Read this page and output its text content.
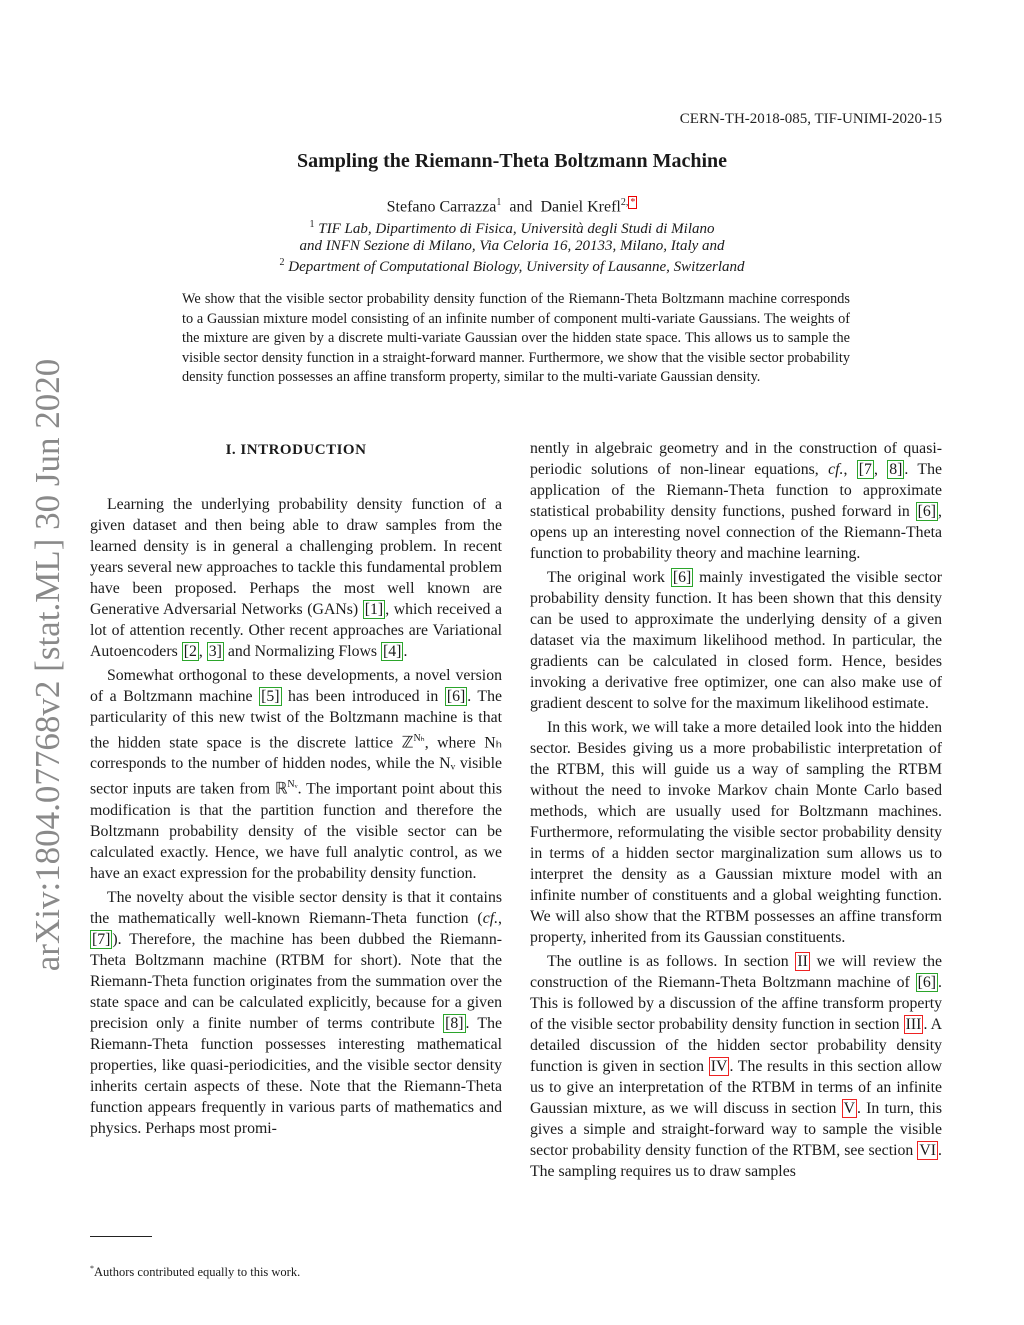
arXiv:1804.07768v2 [stat.ML] 30 Jun 2020
CERN-TH-2018-085, TIF-UNIMI-2020-15
Sampling the Riemann-Theta Boltzmann Machine
Stefano Carrazza$^1$ and Daniel Krefl$^{2,}$ *
$^1$ TIF Lab, Dipartimento di Fisica, Università degli Studi di Milano
and INFN Sezione di Milano, Via Celoria 16, 20133, Milano, Italy and
$^2$ Department of Computational Biology, University of Lausanne, Switzerland
We show that the visible sector probability density function of the Riemann-Theta Boltzmann machine corresponds to a Gaussian mixture model consisting of an infinite number of component multi-variate Gaussians. The weights of the mixture are given by a discrete multi-variate Gaussian over the hidden state space. This allows us to sample the visible sector density function in a straight-forward manner. Furthermore, we show that the visible sector probability density function possesses an affine transform property, similar to the multi-variate Gaussian density.
I. INTRODUCTION

Learning the underlying probability density function of a given dataset and then being able to draw samples from the learned density is in general a challenging problem. In recent years several new approaches to tackle this fundamental problem have been proposed. Perhaps the most well known are Generative Adversarial Networks (GANs) [1] , which received a lot of attention recently. Other recent approaches are Variational Autoencoders [2 , 3] and Normalizing Flows [4] .

Somewhat orthogonal to these developments, a novel version of a Boltzmann machine [5] has been introduced in [6] . The particularity of this new twist of the Boltzmann machine is that the hidden state space is the discrete lattice ℤ$^{N_h}$, where Nₕ corresponds to the number of hidden nodes, while the Nᵥ visible sector inputs are taken from ℝ$^{Nᵥ}$. The important point about this modification is that the partition function and therefore the Boltzmann probability density of the visible sector can be calculated exactly. Hence, we have full analytic control, as we have an exact expression for the probability density function.

The novelty about the visible sector density is that it contains the mathematically well-known Riemann-Theta function (cf., [7] ). Therefore, the machine has been dubbed the Riemann-Theta Boltzmann machine (RTBM for short). Note that the Riemann-Theta function originates from the summation over the state space and can be calculated explicitly, because for a given precision only a finite number of terms contribute [8] . The Riemann-Theta function possesses interesting mathematical properties, like quasi-periodicities, and the visible sector density inherits certain aspects of these. Note that the Riemann-Theta function appears frequently in various parts of mathematics and physics. Perhaps most promi-

nently in algebraic geometry and in the construction of quasi-periodic solutions of non-linear equations, cf., [7 , 8] . The application of the Riemann-Theta function to approximate statistical probability density functions, pushed forward in [6] , opens up an interesting novel connection of the Riemann-Theta function to probability theory and machine learning.

The original work [6] mainly investigated the visible sector probability density function. It has been shown that this density can be used to approximate the underlying density of a given dataset via the maximum likelihood method. In particular, the gradients can be calculated in closed form. Hence, besides invoking a derivative free optimizer, one can also make use of gradient descent to solve for the maximum likelihood estimate.

In this work, we will take a more detailed look into the hidden sector. Besides giving us a more probabilistic interpretation of the RTBM, this will guide us a way of sampling the RTBM without the need to invoke Markov chain Monte Carlo based methods, which are usually used for Boltzmann machines. Furthermore, reformulating the visible sector probability density in terms of a hidden sector marginalization sum allows us to interpret the density as a Gaussian mixture model with an infinite number of constituents and a global weighting function. We will also show that the RTBM possesses an affine transform property, inherited from its Gaussian constituents.

The outline is as follows. In section II we will review the construction of the Riemann-Theta Boltzmann machine of [6] . This is followed by a discussion of the affine transform property of the visible sector probability density function in section III . A detailed discussion of the hidden sector probability density function is given in section IV . The results in this section allow us to give an interpretation of the RTBM in terms of an infinite Gaussian mixture, as we will discuss in section V . In turn, this gives a simple and straight-forward way to sample the visible sector probability density function of the RTBM, see section VI . The sampling requires us to draw samples

*Authors contributed equally to this work.
